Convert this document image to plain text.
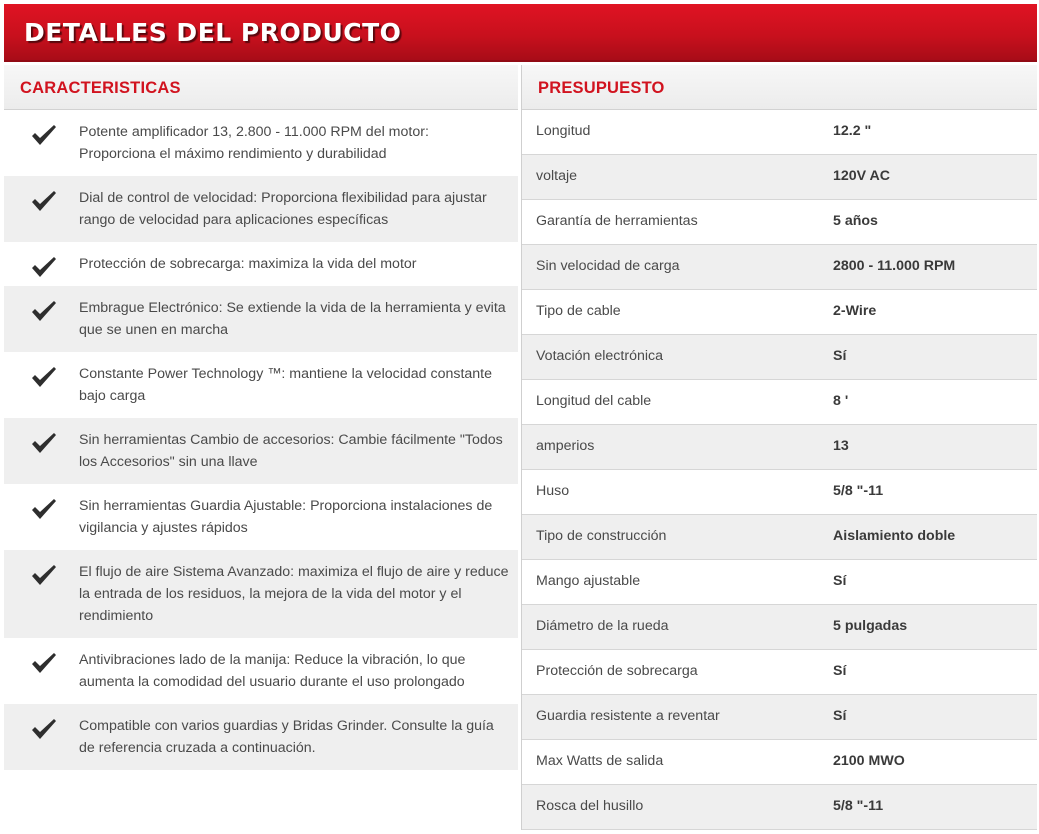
DETALLES DEL PRODUCTO
CARACTERISTICAS
Potente amplificador 13, 2.800 - 11.000 RPM del motor: Proporciona el máximo rendimiento y durabilidad
Dial de control de velocidad: Proporciona flexibilidad para ajustar rango de velocidad para aplicaciones específicas
Protección de sobrecarga: maximiza la vida del motor
Embrague Electrónico: Se extiende la vida de la herramienta y evita que se unen en marcha
Constante Power Technology ™: mantiene la velocidad constante bajo carga
Sin herramientas Cambio de accesorios: Cambie fácilmente "Todos los Accesorios" sin una llave
Sin herramientas Guardia Ajustable: Proporciona instalaciones de vigilancia y ajustes rápidos
El flujo de aire Sistema Avanzado: maximiza el flujo de aire y reduce la entrada de los residuos, la mejora de la vida del motor y el rendimiento
Antivibraciones lado de la manija: Reduce la vibración, lo que aumenta la comodidad del usuario durante el uso prolongado
Compatible con varios guardias y Bridas Grinder. Consulte la guía de referencia cruzada a continuación.
PRESUPUESTO
Longitud	12.2 "
voltaje	120V AC
Garantía de herramientas	5 años
Sin velocidad de carga	2800 - 11.000 RPM
Tipo de cable	2-Wire
Votación electrónica	Sí
Longitud del cable	8 '
amperios	13
Huso	5/8 "-11
Tipo de construcción	Aislamiento doble
Mango ajustable	Sí
Diámetro de la rueda	5 pulgadas
Protección de sobrecarga	Sí
Guardia resistente a reventar	Sí
Max Watts de salida	2100 MWO
Rosca del husillo	5/8 "-11
